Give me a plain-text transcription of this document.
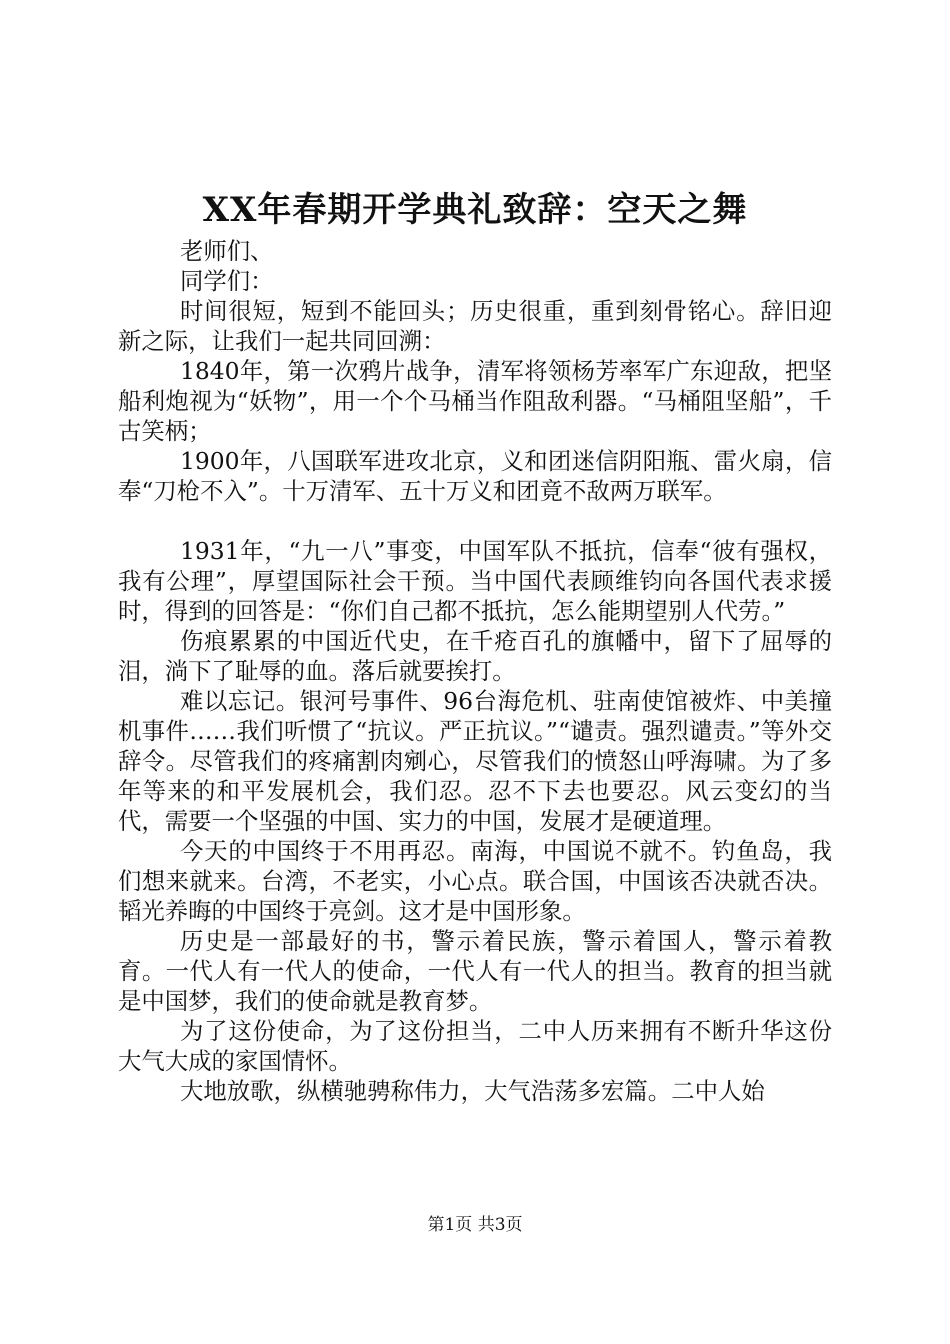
XX年春期开学典礼致辞：空天之舞

老师们、

同学们：

时间很短，短到不能回头；历史很重，重到刻骨铭心。辞旧迎新之际，让我们一起共同回溯：

1840年，第一次鸦片战争，清军将领杨芳率军广东迎敌，把坚船利炮视为“妖物”，用一个个马桶当作阻敌利器。“马桶阻坚船”，千古笑柄；

1900年，八国联军进攻北京，义和团迷信阴阳瓶、雷火扇，信奉“刀枪不入”。十万清军、五十万义和团竟不敌两万联军。

1931年，“九一八”事变，中国军队不抵抗，信奉“彼有强权，我有公理”，厚望国际社会干预。当中国代表顾维钧向各国代表求援时，得到的回答是：“你们自己都不抵抗，怎么能期望别人代劳。”

伤痕累累的中国近代史，在千疮百孔的旗幡中，留下了屈辱的泪，淌下了耻辱的血。落后就要挨打。

难以忘记。银河号事件、96台海危机、驻南使馆被炸、中美撞机事件……我们听惯了“抗议。严正抗议。”“谴责。强烈谴责。”等外交辞令。尽管我们的疼痛割肉剜心，尽管我们的愤怒山呼海啸。为了多年等来的和平发展机会，我们忍。忍不下去也要忍。风云变幻的当代，需要一个坚强的中国、实力的中国，发展才是硬道理。

今天的中国终于不用再忍。南海，中国说不就不。钓鱼岛，我们想来就来。台湾，不老实，小心点。联合国，中国该否决就否决。韬光养晦的中国终于亮剑。这才是中国形象。

历史是一部最好的书，警示着民族，警示着国人，警示着教育。一代人有一代人的使命，一代人有一代人的担当。教育的担当就是中国梦，我们的使命就是教育梦。

为了这份使命，为了这份担当，二中人历来拥有不断升华这份大气大成的家国情怀。

大地放歌，纵横驰骋称伟力，大气浩荡多宏篇。二中人始

第1页 共3页
